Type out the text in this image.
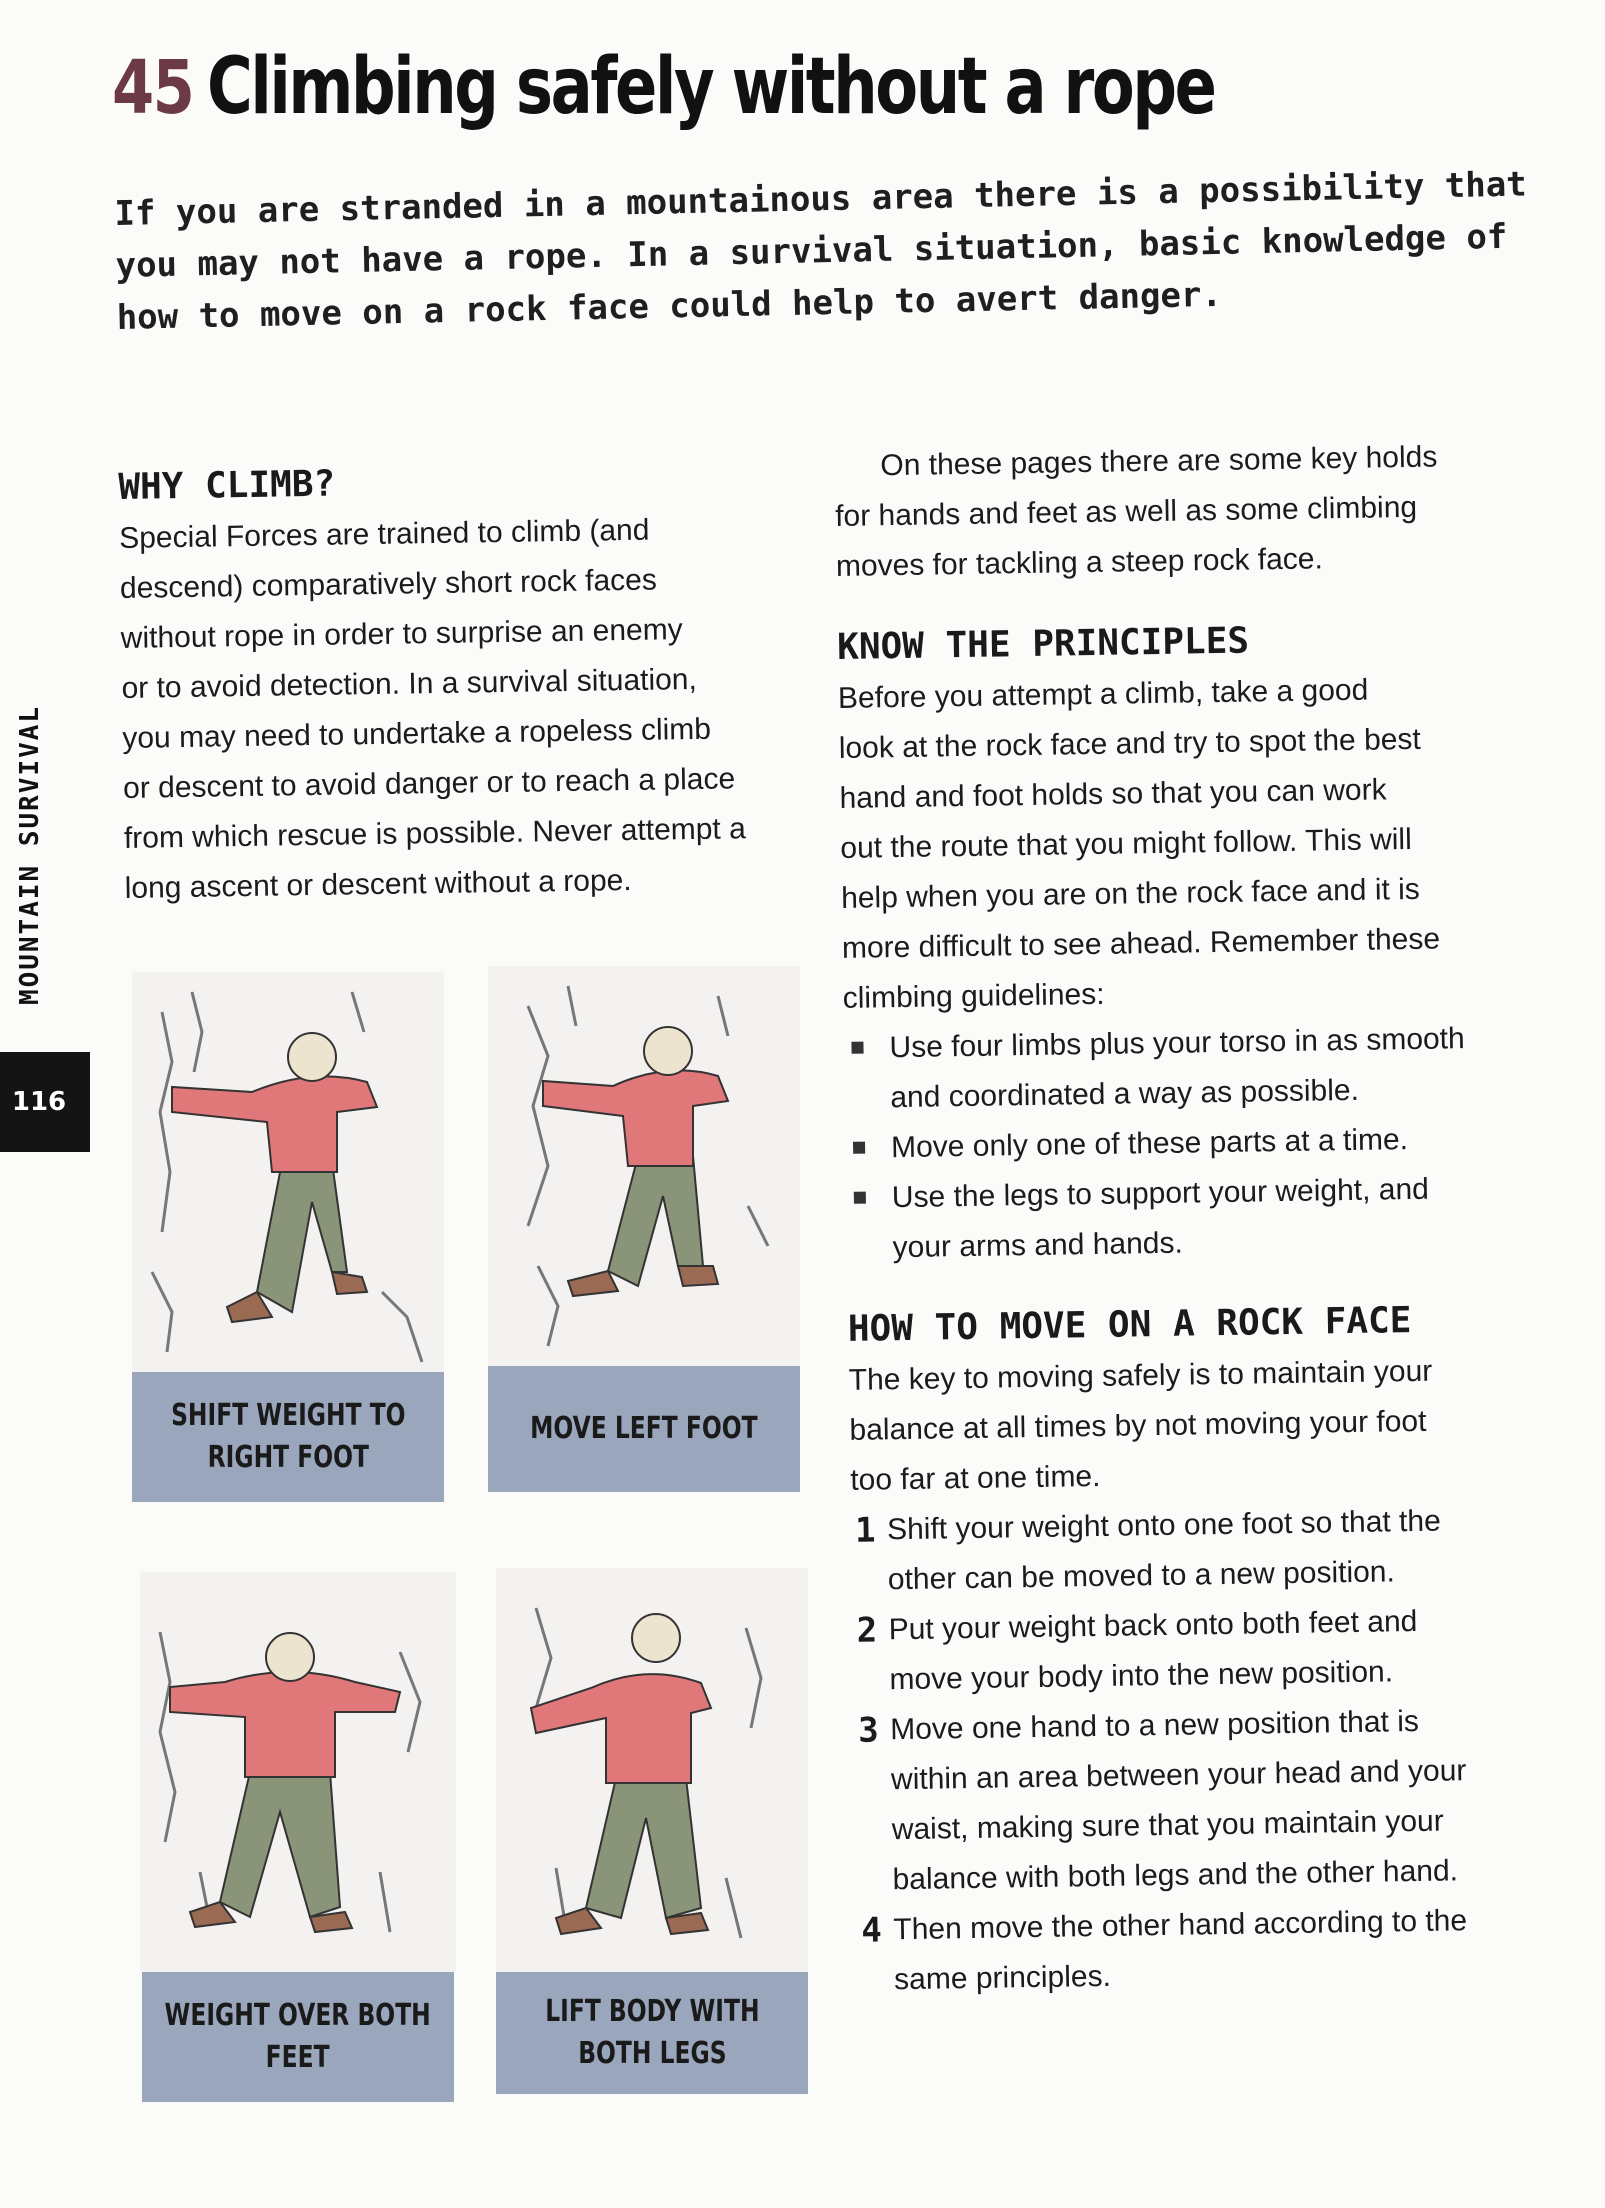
45 Climbing safely without a rope
If you are stranded in a mountainous area there is a possibility that
you may not have a rope. In a survival situation, basic knowledge of
how to move on a rock face could help to avert danger.
MOUNTAIN SURVIVAL
116
WHY CLIMB?
Special Forces are trained to climb (and
descend) comparatively short rock faces
without rope in order to surprise an enemy
or to avoid detection. In a survival situation,
you may need to undertake a ropeless climb
or descent to avoid danger or to reach a place
from which rescue is possible. Never attempt a
long ascent or descent without a rope.
On these pages there are some key holds
for hands and feet as well as some climbing
moves for tackling a steep rock face.
KNOW THE PRINCIPLES
Before you attempt a climb, take a good
look at the rock face and try to spot the best
hand and foot holds so that you can work
out the route that you might follow. This will
help when you are on the rock face and it is
more difficult to see ahead. Remember these
climbing guidelines:
Use four limbs plus your torso in as smooth
and coordinated a way as possible.
Move only one of these parts at a time.
Use the legs to support your weight, and
your arms and hands.
HOW TO MOVE ON A ROCK FACE
The key to moving safely is to maintain your
balance at all times by not moving your foot
too far at one time.
1 Shift your weight onto one foot so that the
other can be moved to a new position.
2 Put your weight back onto both feet and
move your body into the new position.
3 Move one hand to a new position that is
within an area between your head and your
waist, making sure that you maintain your
balance with both legs and the other hand.
4 Then move the other hand according to the
same principles.
SHIFT WEIGHT TO
RIGHT FOOT
MOVE LEFT FOOT
WEIGHT OVER BOTH
FEET
LIFT BODY WITH
BOTH LEGS
